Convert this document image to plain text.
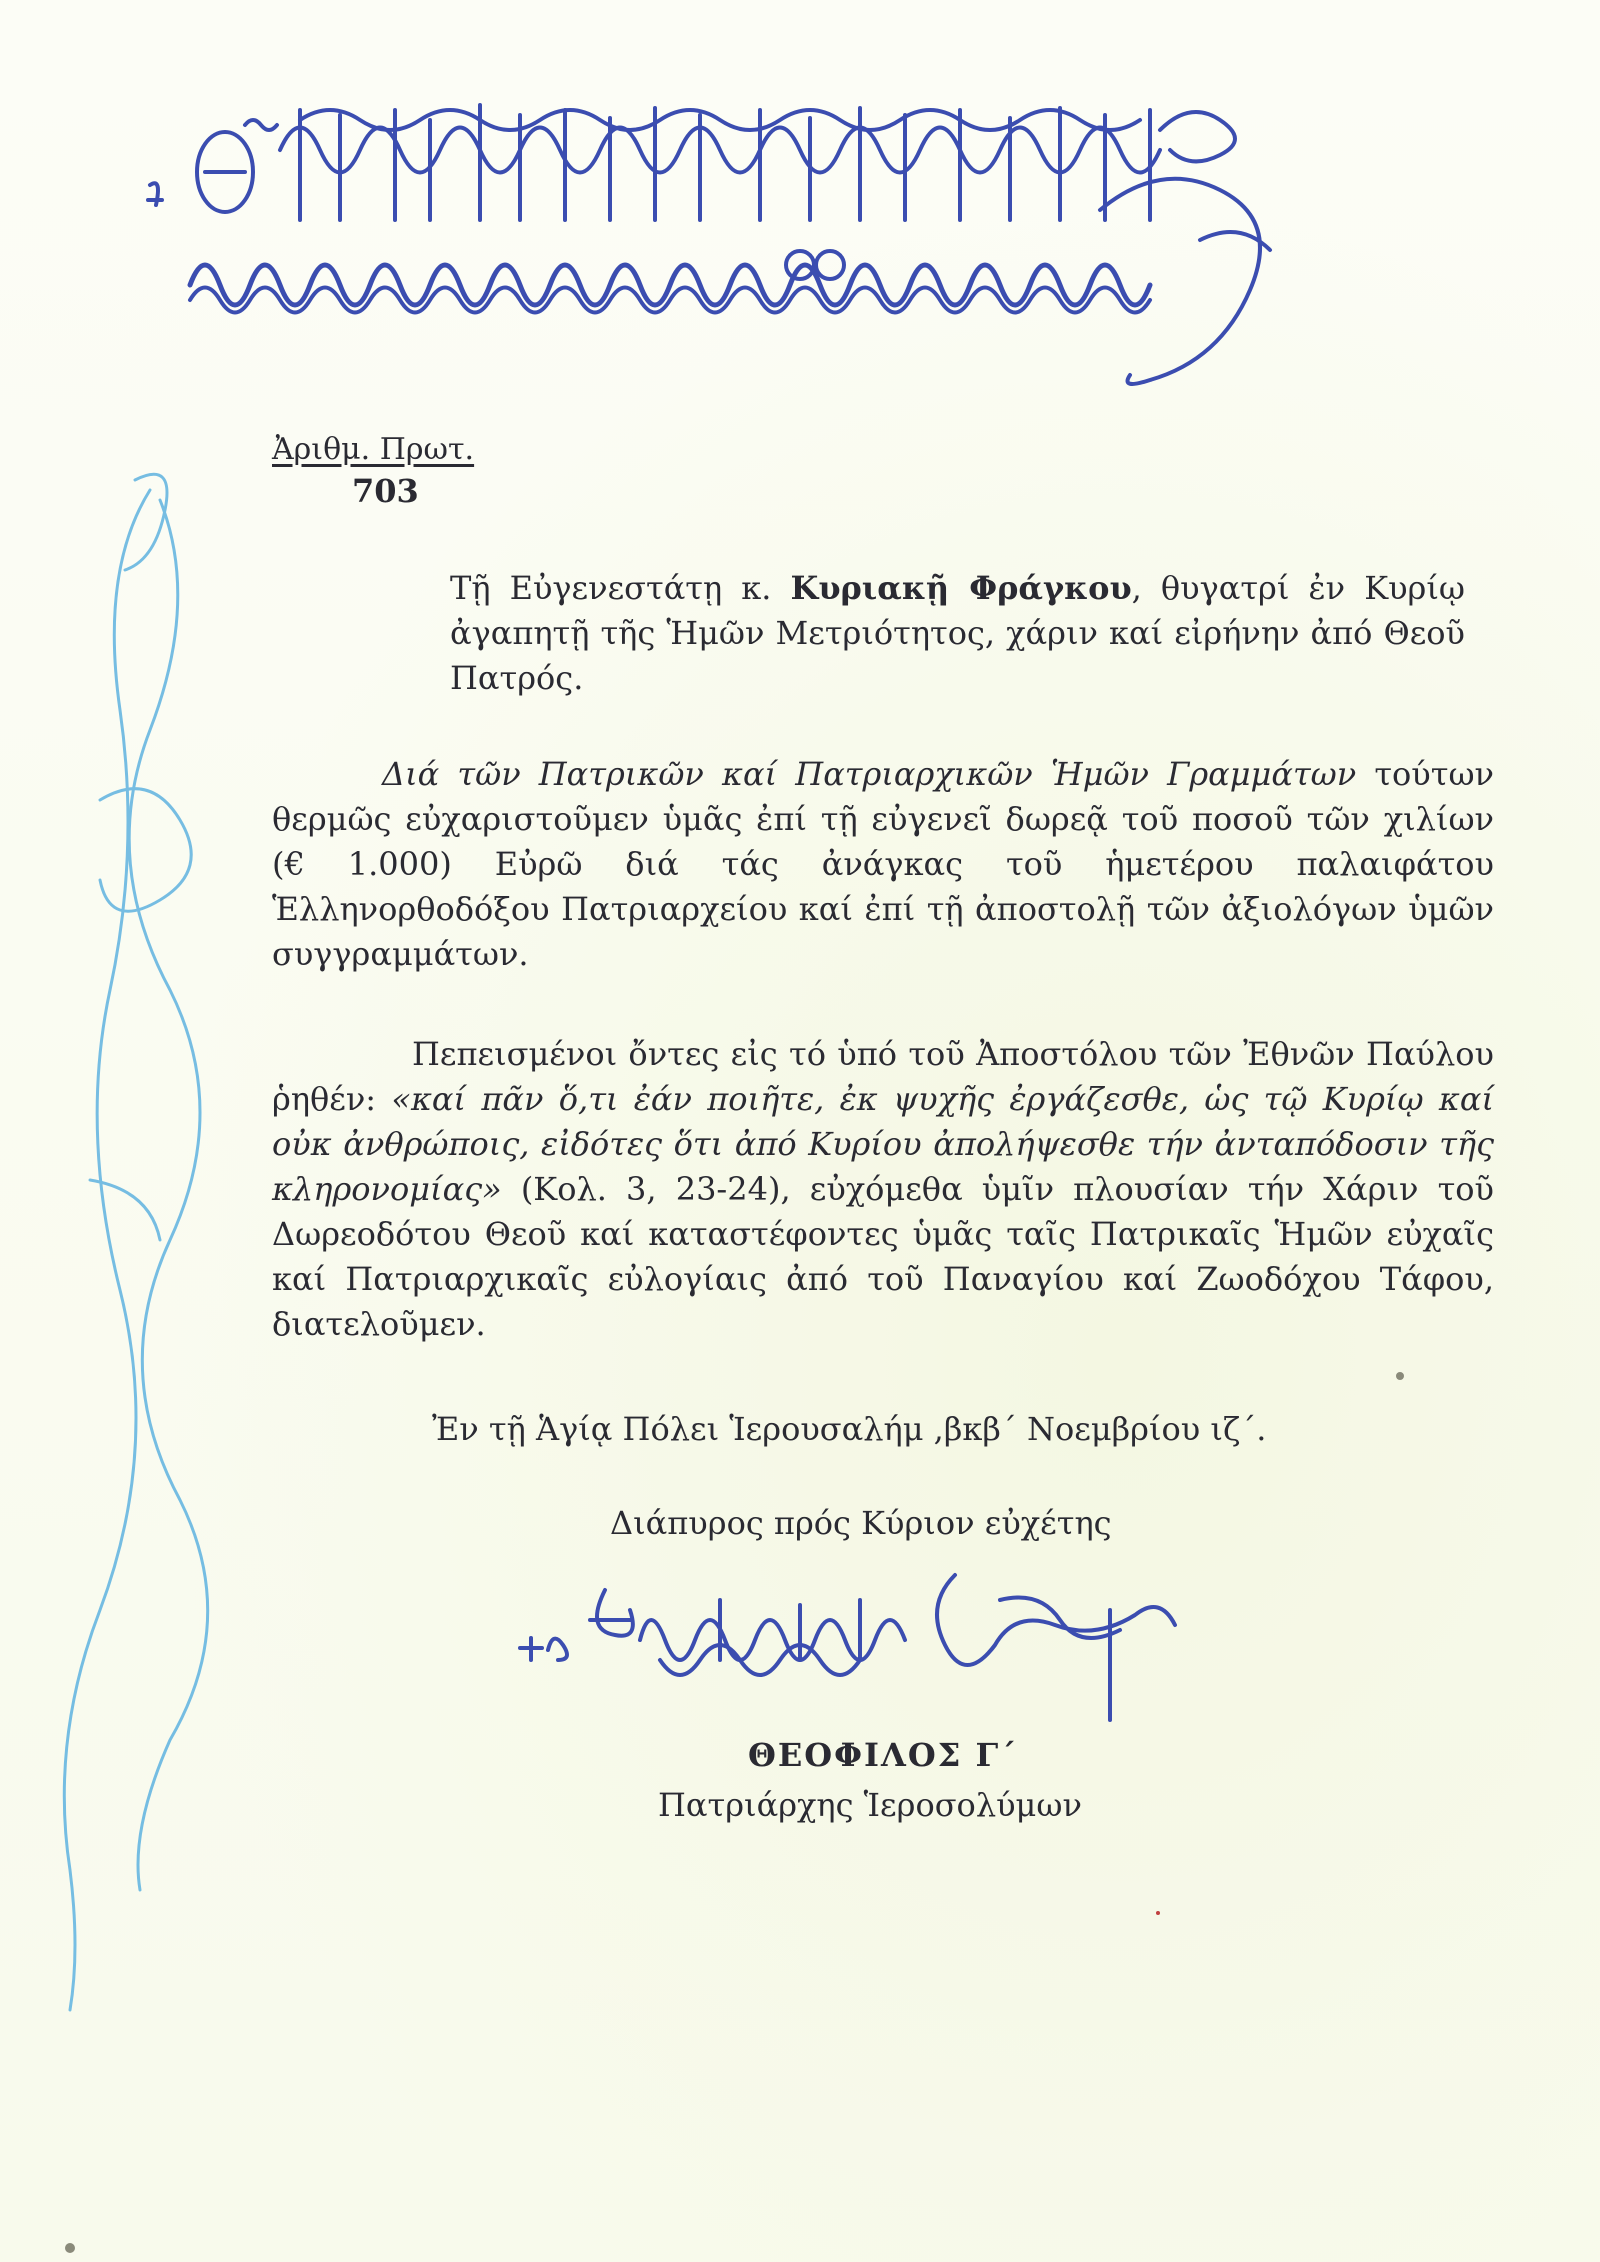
Ἀριθμ. Πρωτ.
703
Τῇ Εὐγενεστάτῃ κ. Κυριακῇ Φράγκου, θυγατρί ἐν Κυρίῳ ἀγαπητῇ τῆς Ἡμῶν Μετριότητος, χάριν καί εἰρήνην ἀπό Θεοῦ Πατρός.
Διά τῶν Πατρικῶν καί Πατριαρχικῶν Ἡμῶν Γραμμάτων τούτων θερμῶς εὐχαριστοῦμεν ὑμᾶς ἐπί τῇ εὐγενεῖ δωρεᾷ τοῦ ποσοῦ τῶν χιλίων (€ 1.000) Εὐρῶ διά τάς ἀνάγκας τοῦ ἡμετέρου παλαιφάτου Ἑλληνορθοδόξου Πατριαρχείου καί ἐπί τῇ ἀποστολῇ τῶν ἀξιολόγων ὑμῶν συγγραμμάτων.
Πεπεισμένοι ὄντες εἰς τό ὑπό τοῦ Ἀποστόλου τῶν Ἐθνῶν Παύλου ῥηθέν: «καί πᾶν ὅ,τι ἐάν ποιῆτε, ἐκ ψυχῆς ἐργάζεσθε, ὡς τῷ Κυρίῳ καί οὐκ ἀνθρώποις, εἰδότες ὅτι ἀπό Κυρίου ἀπολήψεσθε τήν ἀνταπόδοσιν τῆς κληρονομίας» (Κολ. 3, 23-24), εὐχόμεθα ὑμῖν πλουσίαν τήν Χάριν τοῦ Δωρεοδότου Θεοῦ καί καταστέφοντες ὑμᾶς ταῖς Πατρικαῖς Ἡμῶν εὐχαῖς καί Πατριαρχικαῖς εὐλογίαις ἀπό τοῦ Παναγίου καί Ζωοδόχου Τάφου, διατελοῦμεν.
Ἐν τῇ Ἁγίᾳ Πόλει Ἱερουσαλήμ ,βκβ΄ Νοεμβρίου ιζ΄.
Διάπυρος πρός Κύριον εὐχέτης
ΘΕΟΦΙΛΟΣ Γ΄
Πατριάρχης Ἱεροσολύμων
